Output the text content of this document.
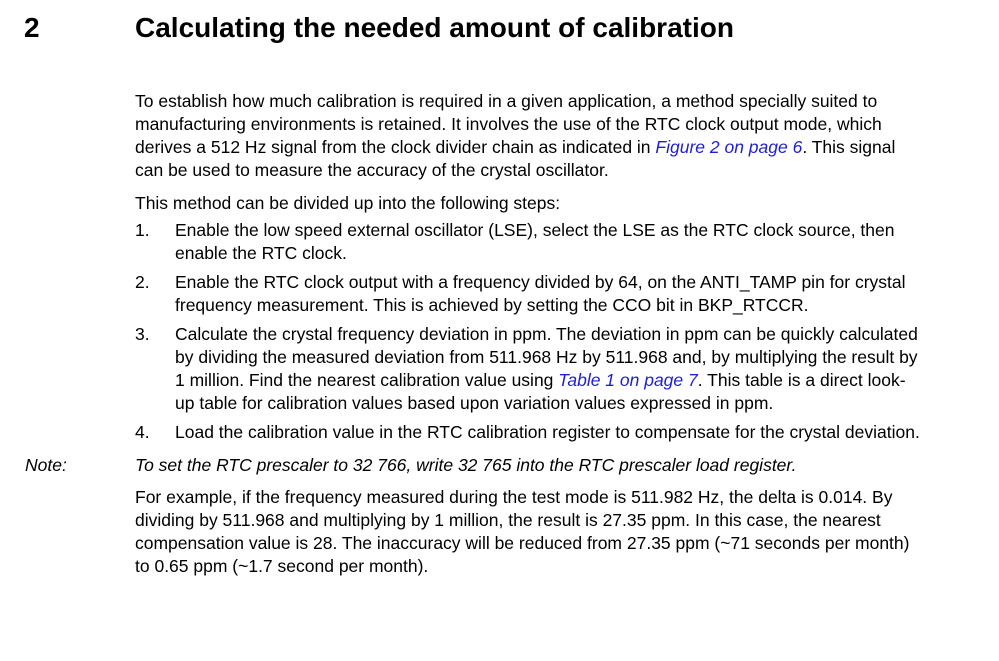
2	Calculating the needed amount of calibration

To establish how much calibration is required in a given application, a method specially suited to manufacturing environments is retained. It involves the use of the RTC clock output mode, which derives a 512 Hz signal from the clock divider chain as indicated in Figure 2 on page 6. This signal can be used to measure the accuracy of the crystal oscillator.

This method can be divided up into the following steps:

1. Enable the low speed external oscillator (LSE), select the LSE as the RTC clock source, then enable the RTC clock.
2. Enable the RTC clock output with a frequency divided by 64, on the ANTI_TAMP pin for crystal frequency measurement. This is achieved by setting the CCO bit in BKP_RTCCR.
3. Calculate the crystal frequency deviation in ppm. The deviation in ppm can be quickly calculated by dividing the measured deviation from 511.968 Hz by 511.968 and, by multiplying the result by 1 million. Find the nearest calibration value using Table 1 on page 7. This table is a direct look-up table for calibration values based upon variation values expressed in ppm.
4. Load the calibration value in the RTC calibration register to compensate for the crystal deviation.
Note:	To set the RTC prescaler to 32 766, write 32 765 into the RTC prescaler load register.

For example, if the frequency measured during the test mode is 511.982 Hz, the delta is 0.014. By dividing by 511.968 and multiplying by 1 million, the result is 27.35 ppm. In this case, the nearest compensation value is 28. The inaccuracy will be reduced from 27.35 ppm (~71 seconds per month) to 0.65 ppm (~1.7 second per month).
